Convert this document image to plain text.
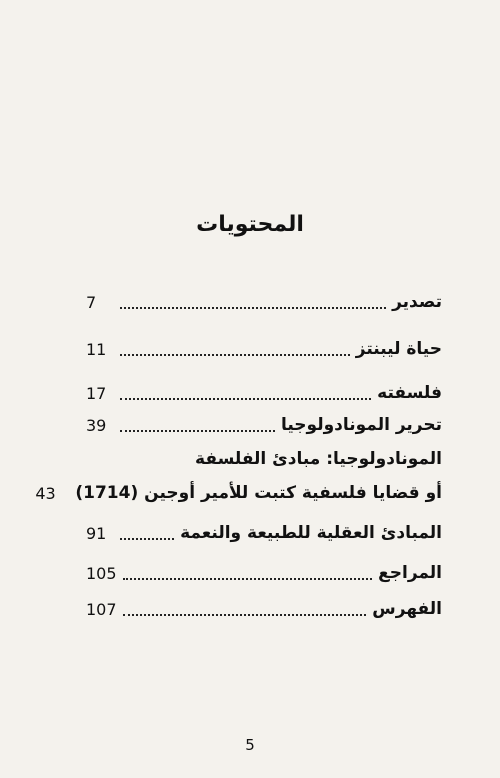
المحتويات
تصدير
7
حياة ليبنتز
11
فلسفته
17
تحرير المونادولوجيا
39
المونادولوجيا: مبادئ الفلسفة
أو قضايا فلسفية كتبت للأمير أوجين (1714)
43
المبادئ العقلية للطبيعة والنعمة
91
المراجع
105
الفهرس
107
5
